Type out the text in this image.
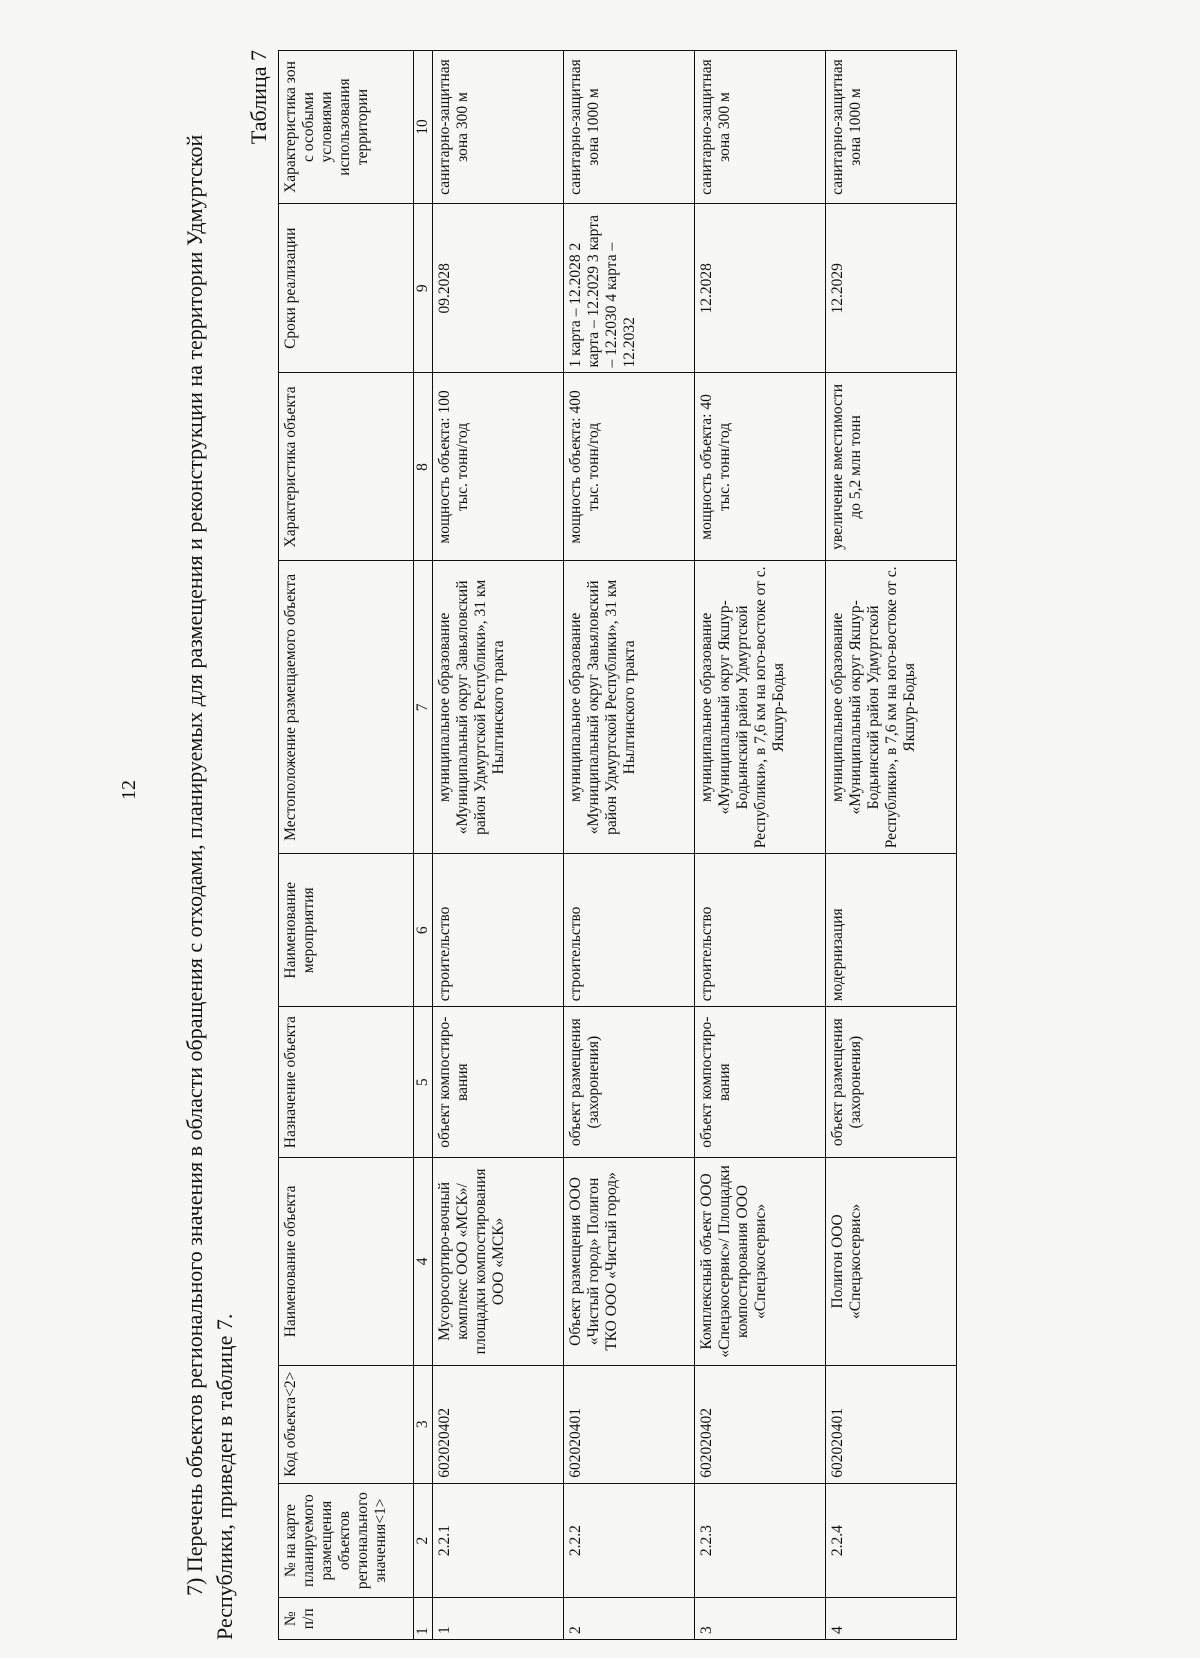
12 7) Перечень объектов регионального значения в области обращения с отходами, планируемых для размещения и реконструкции на территории Удмуртской Республики, приведен в таблице 7.

Таблица 7
№ п/п	№ на карте планируемого размещения объектов регионального значения<1>	Код объекта<2>	Наименование объекта	Назначение объекта	Наименование мероприятия	Местоположение размещаемого объекта	Характеристика объекта	Сроки реализации	Характеристика зон с особыми условиями использования территории
1	2	3	4	5	6	7	8	9	10
1	2.2.1	602020402	Мусоросортиро-вочный комплекс ООО «МСК»/ площадки компостирования ООО «МСК»	объект компостиро-вания	строительство	муниципальное образование «Муниципальный округ Завьяловский район Удмуртской Республики», 31 км Нылгинского тракта	мощность объекта: 100 тыс. тонн/год	09.2028	санитарно-защитная зона 300 м
2	2.2.2	602020401	Объект размещения ООО «Чистый город» Полигон ТКО ООО «Чистый город»	объект размещения (захоронения)	строительство	муниципальное образование «Муниципальный округ Завьяловский район Удмуртской Республики», 31 км Нылгинского тракта	мощность объекта: 400 тыс. тонн/год	1 карта – 12.2028 2 карта – 12.2029 3 карта – 12.2030 4 карта – 12.2032	санитарно-защитная зона 1000 м
3	2.2.3	602020402	Комплексный объект ООО «Спецэкосервис»/ Площадки компостирования ООО «Спецэкосервис»	объект компостиро-вания	строительство	муниципальное образование «Муниципальный округ Якшур-Бодьинский район Удмуртской Республики», в 7,6 км на юго-востоке от с. Якшур-Бодья	мощность объекта: 40 тыс. тонн/год	12.2028	санитарно-защитная зона 300 м
4	2.2.4	602020401	Полигон ООО «Спецэкосервис»	объект размещения (захоронения)	модернизация	муниципальное образование «Муниципальный округ Якшур-Бодьинский район Удмуртской Республики», в 7,6 км на юго-востоке от с. Якшур-Бодья	увеличение вместимости до 5,2 млн тонн	12.2029	санитарно-защитная зона 1000 м
